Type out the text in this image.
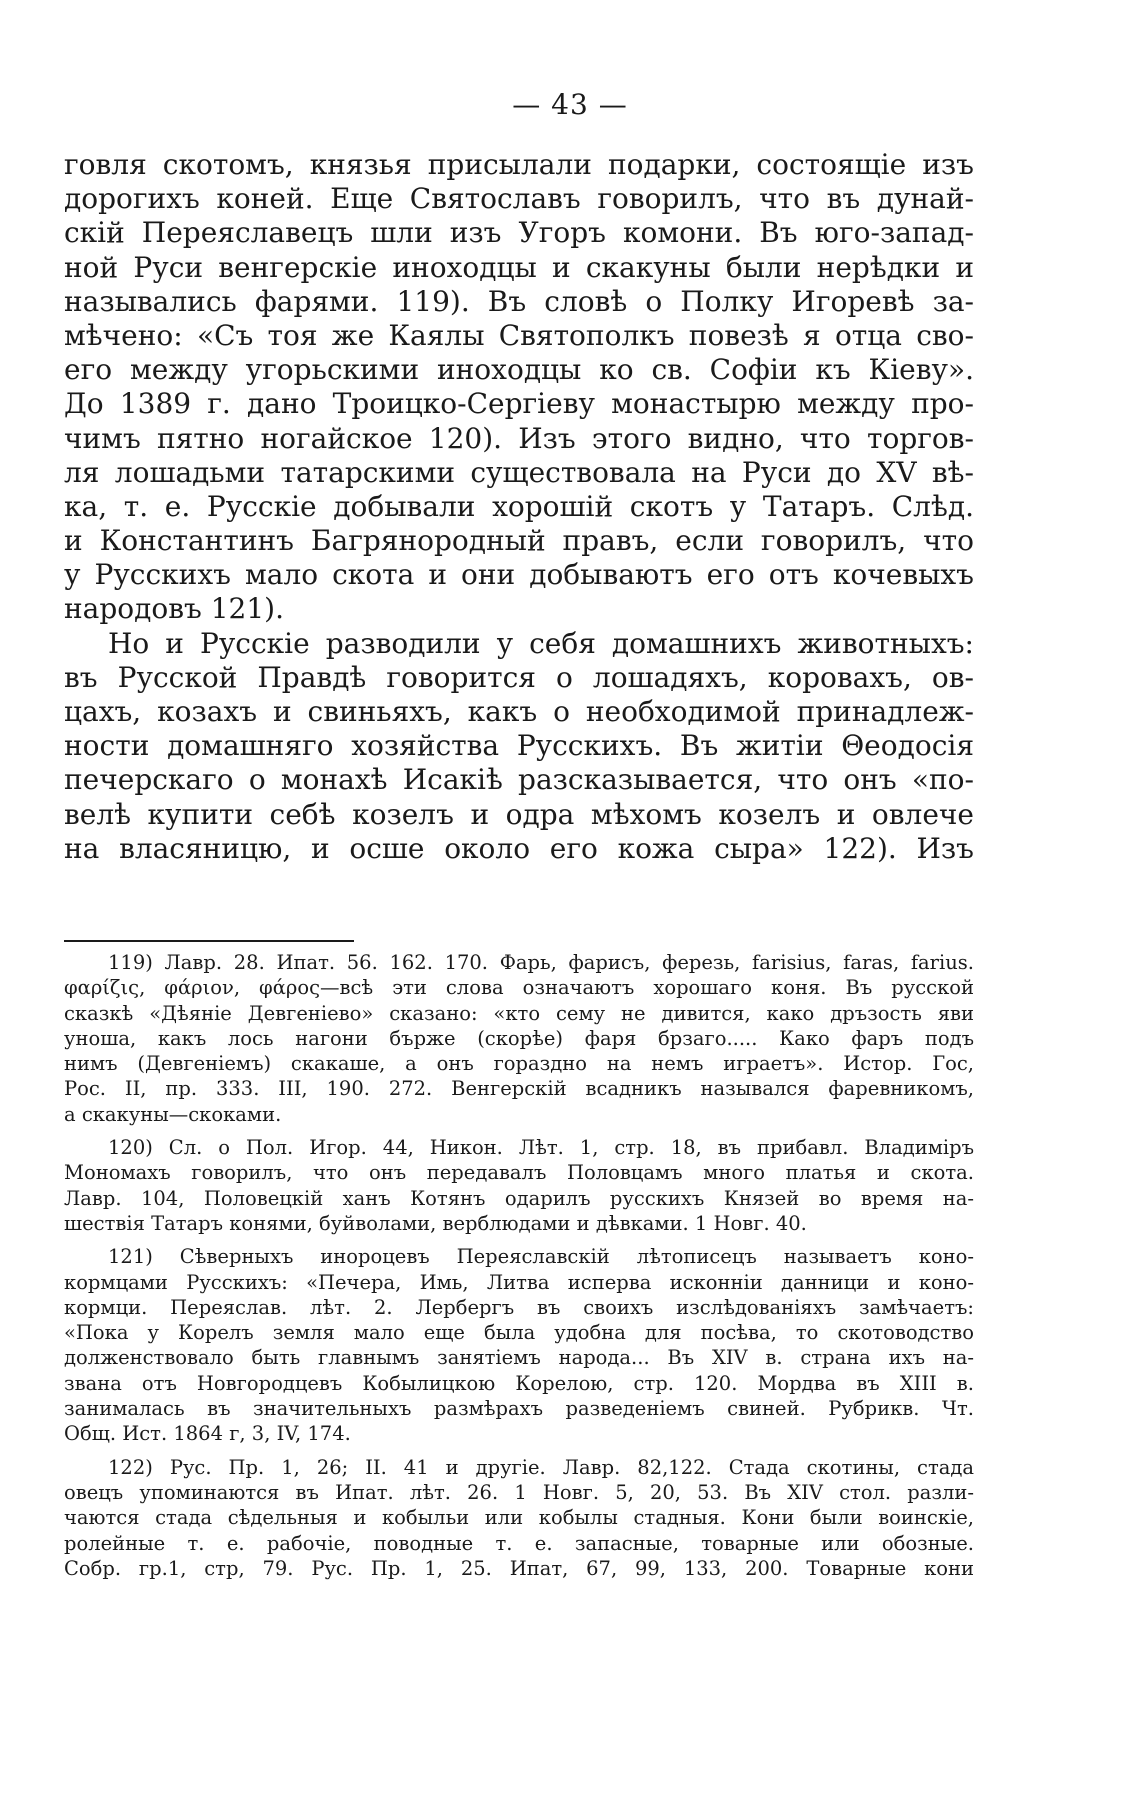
— 43 —
говля скотомъ, князья присылали подарки, состоящіе изъ
дорогихъ коней. Еще Святославъ говорилъ, что въ дунай-
скій Переяславецъ шли изъ Угоръ комони. Въ юго-запад-
ной Руси венгерскіе иноходцы и скакуны были нерѣдки и
назывались фарями. 119). Въ словѣ о Полку Игоревѣ за-
мѣчено: «Съ тоя же Каялы Святополкъ повезѣ я отца сво-
его между угорьскими иноходцы ко св. Софіи къ Кіеву».
До 1389 г. дано Троицко-Сергіеву монастырю между про-
чимъ пятно ногайское 120). Изъ этого видно, что торгов-
ля лошадьми татарскими существовала на Руси до XV вѣ-
ка, т. е. Русскіе добывали хорошій скотъ у Татаръ. Слѣд.
и Константинъ Багрянородный правъ, если говорилъ, что
у Русскихъ мало скота и они добываютъ его отъ кочевыхъ
народовъ 121).
Но и Русскіе разводили у себя домашнихъ животныхъ:
въ Русской Правдѣ говорится о лошадяхъ, коровахъ, ов-
цахъ, козахъ и свиньяхъ, какъ о необходимой принадлеж-
ности домашняго хозяйства Русскихъ. Въ житіи Θеодосія
печерскаго о монахѣ Исакіѣ разсказывается, что онъ «по-
велѣ купити себѣ козелъ и одра мѣхомъ козелъ и овлече
на власяницю, и осше около его кожа сыра» 122). Изъ
119) Лавр. 28. Ипат. 56. 162. 170. Фарь, фарисъ, ферезь, farisius, faras, farius.
φαρίζις, φάριον, φάρος—всѣ эти слова означаютъ хорошаго коня. Въ русской
сказкѣ «Дѣяніе Девгеніево» сказано: «кто сему не дивится, како дръзость яви
уноша, какъ лось нагони бърже (скорѣе) фаря брзаго..... Како фаръ подъ
нимъ (Девгеніемъ) скакаше, а онъ гораздно на немъ играетъ». Истор. Гос,
Рос. II, пр. 333. III, 190. 272. Венгерскій всадникъ назывался фаревникомъ,
а скакуны—скоками.
120) Сл. о Пол. Игор. 44, Никон. Лѣт. 1, стр. 18, въ прибавл. Владиміръ
Мономахъ говорилъ, что онъ передавалъ Половцамъ много платья и скота.
Лавр. 104, Половецкій ханъ Котянъ одарилъ русскихъ Князей во время на-
шествія Татаръ конями, буйволами, верблюдами и дѣвками. 1 Новг. 40.
121) Сѣверныхъ инороцевъ Переяславскій лѣтописецъ называетъ коно-
кормцами Русскихъ: «Печера, Имь, Литва исперва исконніи данници и коно-
кормци. Переяслав. лѣт. 2. Лербергъ въ своихъ изслѣдованіяхъ замѣчаетъ:
«Пока у Корелъ земля мало еще была удобна для посѣва, то скотоводство
долженствовало быть главнымъ занятіемъ народа... Въ XIV в. страна ихъ на-
звана отъ Новгородцевъ Кобылицкою Корелою, стр. 120. Мордва въ XIII в.
занималась въ значительныхъ размѣрахъ разведеніемъ свиней. Рубрикв. Чт.
Общ. Ист. 1864 г, 3, IV, 174.
122) Рус. Пр. 1, 26; II. 41 и другіе. Лавр. 82,122. Стада скотины, стада
овецъ упоминаются въ Ипат. лѣт. 26. 1 Новг. 5, 20, 53. Въ XIV стол. разли-
чаются стада сѣдельныя и кобыльи или кобылы стадныя. Кони были воинскіе,
ролейные т. е. рабочіе, поводные т. е. запасные, товарные или обозные.
Собр. гр.1, стр, 79. Рус. Пр. 1, 25. Ипат, 67, 99, 133, 200. Товарные кони
